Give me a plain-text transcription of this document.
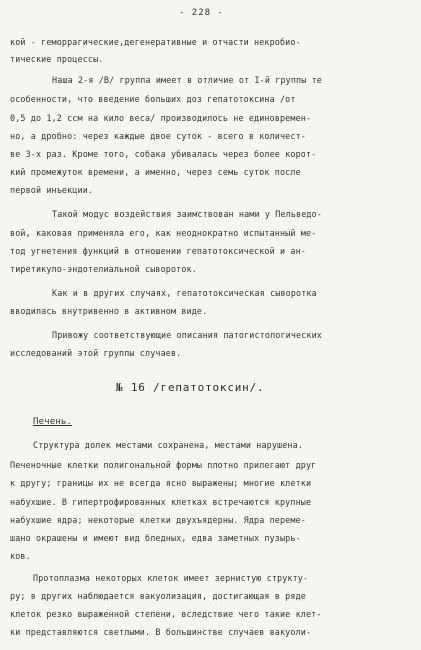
- 228 -
кой - геморрагические,дегенеративные и отчасти некробио-
тические процессы.
Наша 2-я /В/ группа имеет в отличие от I-й группы те
особенности, что введение больших доз гепатотоксина /от
0,5 до 1,2 ссм на кило веса/ производилось не единовремен-
но, а дробно: через каждые двое суток - всего в количест-
ве 3-х раз. Кроме того, собака убивалась через более корот-
кий промежуток времени, а именно, через семь суток после
первой инъекции.
Такой модус воздействия заимствован нами у Пельведо-
вой, каковая применяла его, как неоднократно испытанный ме-
тод угнетения функций в отношении гепатотоксической и ан-
тиретикуло-эндотелиальной сывороток.
Как и в других случаях, гепатотоксическая сыворотка
вводилась внутривенно в активном виде.
Привожу соответствующие описания патогистологических
исследований этой группы случаев.
№ 16 /гепатотоксин/.
Печень.
Структура долек местами сохранена, местами нарушена.
Печеночные клетки полигональной формы плотно прилегают друг
к другу; границы их не всегда ясно выражены; многие клетки
набухшие. В гипертрофированных клетках встречаются крупные
набухшие ядра; некоторые клетки двухъядерны. Ядра переме-
шано окрашены и имеют вид бледных, едва заметных пузырь-
ков.
Протоплазма некоторых клеток имеет зернистую структу-
ру; в других наблюдается вакуолизация, достигающая в ряде
клеток резко выраженной степени, вследствие чего такие клет-
ки представляются светлыми. В большинстве случаев вакуоли-
